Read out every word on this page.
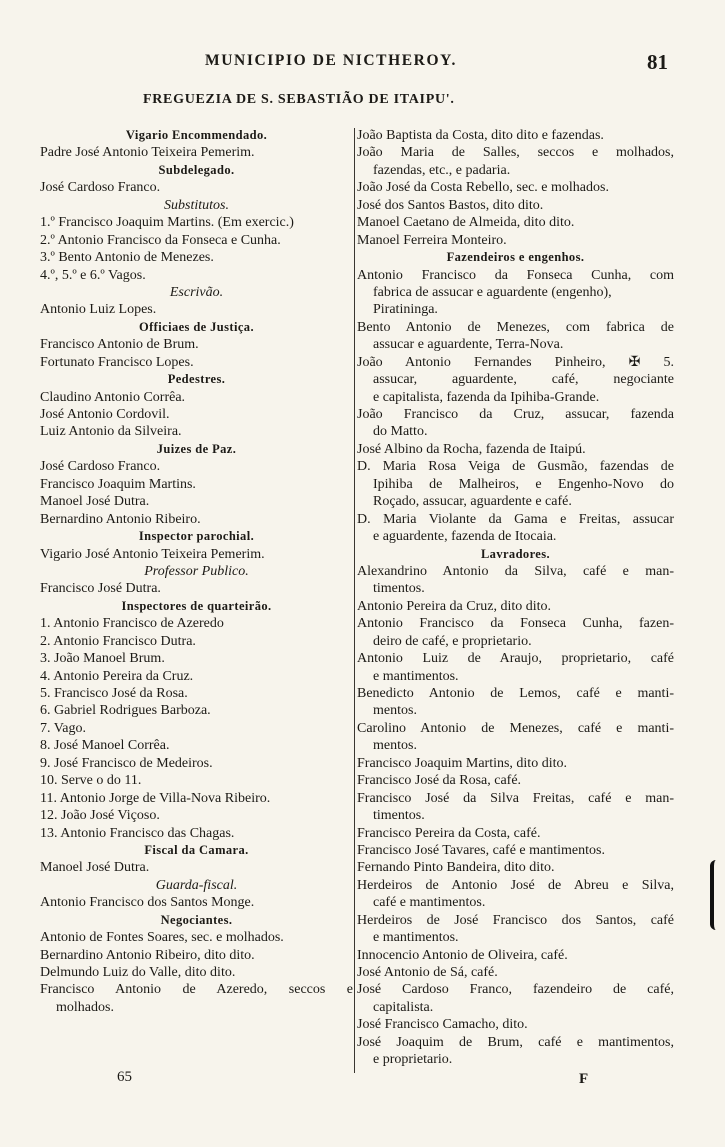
MUNICIPIO DE NICTHEROY.	81
FREGUEZIA DE S. SEBASTIÃO DE ITAIPU'.
Vigario Encommendado.
Padre José Antonio Teixeira Pemerim.
Subdelegado.
José Cardoso Franco.
Substitutos.
1.º Francisco Joaquim Martins. (Em exercic.)
2.º Antonio Francisco da Fonseca e Cunha.
3.º Bento Antonio de Menezes.
4.º, 5.º e 6.º Vagos.
Escrivão.
Antonio Luiz Lopes.
Officiaes de Justiça.
Francisco Antonio de Brum.
Fortunato Francisco Lopes.
Pedestres.
Claudino Antonio Corrêa.
José Antonio Cordovil.
Luiz Antonio da Silveira.
Juizes de Paz.
José Cardoso Franco.
Francisco Joaquim Martins.
Manoel José Dutra.
Bernardino Antonio Ribeiro.
Inspector parochial.
Vigario José Antonio Teixeira Pemerim.
Professor Publico.
Francisco José Dutra.
Inspectores de quarteirão.
1. Antonio Francisco de Azeredo
2. Antonio Francisco Dutra.
3. João Manoel Brum.
4. Antonio Pereira da Cruz.
5. Francisco José da Rosa.
6. Gabriel Rodrigues Barboza.
7. Vago.
8. José Manoel Corrêa.
9. José Francisco de Medeiros.
10. Serve o do 11.
11. Antonio Jorge de Villa-Nova Ribeiro.
12. João José Viçoso.
13. Antonio Francisco das Chagas.
Fiscal da Camara.
Manoel José Dutra.
Guarda-fiscal.
Antonio Francisco dos Santos Monge.
Negociantes.
Antonio de Fontes Soares, sec. e molhados.
Bernardino Antonio Ribeiro, dito dito.
Delmundo Luiz do Valle, dito dito.
Francisco Antonio de Azeredo, seccos e
molhados.
João Baptista da Costa, dito dito e fazendas.
João Maria de Salles, seccos e molhados,
fazendas, etc., e padaria.
João José da Costa Rebello, sec. e molhados.
José dos Santos Bastos, dito dito.
Manoel Caetano de Almeida, dito dito.
Manoel Ferreira Monteiro.
Fazendeiros e engenhos.
Antonio Francisco da Fonseca Cunha, com
fabrica de assucar e aguardente (engenho),
Piratininga.
Bento Antonio de Menezes, com fabrica de
assucar e aguardente, Terra-Nova.
João Antonio Fernandes Pinheiro, ✠ 5.
assucar, aguardente, café, negociante
e capitalista, fazenda da Ipihiba-Grande.
João Francisco da Cruz, assucar, fazenda
do Matto.
José Albino da Rocha, fazenda de Itaipú.
D. Maria Rosa Veiga de Gusmão, fazendas de
Ipihiba de Malheiros, e Engenho-Novo do
Roçado, assucar, aguardente e café.
D. Maria Violante da Gama e Freitas, assucar
e aguardente, fazenda de Itocaia.
Lavradores.
Alexandrino Antonio da Silva, café e man-
timentos.
Antonio Pereira da Cruz, dito dito.
Antonio Francisco da Fonseca Cunha, fazen-
deiro de café, e proprietario.
Antonio Luiz de Araujo, proprietario, café
e mantimentos.
Benedicto Antonio de Lemos, café e manti-
mentos.
Carolino Antonio de Menezes, café e manti-
mentos.
Francisco Joaquim Martins, dito dito.
Francisco José da Rosa, café.
Francisco José da Silva Freitas, café e man-
timentos.
Francisco Pereira da Costa, café.
Francisco José Tavares, café e mantimentos.
Fernando Pinto Bandeira, dito dito.
Herdeiros de Antonio José de Abreu e Silva,
café e mantimentos.
Herdeiros de José Francisco dos Santos, café
e mantimentos.
Innocencio Antonio de Oliveira, café.
José Antonio de Sá, café.
José Cardoso Franco, fazendeiro de café,
capitalista.
José Francisco Camacho, dito.
José Joaquim de Brum, café e mantimentos,
e proprietario.
65	F
